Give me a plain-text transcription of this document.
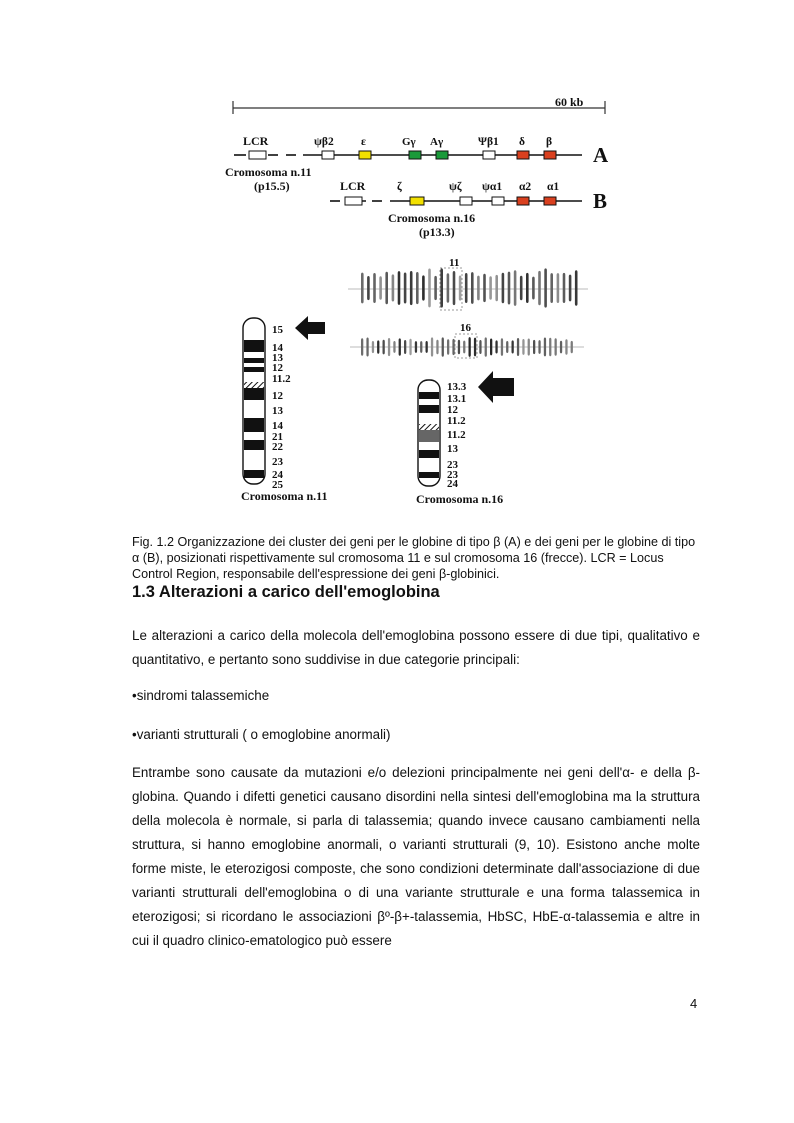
60 kb
LCR	ψβ2 ε	Gγ Aγ	Ψβ1 δ β
A
Cromosoma n.11
(p15.5)	LCR	ζ	ψζ ψα1 α2 α1
B
Cromosoma n.16
(p13.3)
11
16
15
14
13
12
11.2
12
13
14
21
22
23
24
25
Cromosoma n.11
13.3
13.1
12
11.2
11.2
13
23
23
24
Cromosoma n.16

Fig. 1.2 Organizzazione dei cluster dei geni per le globine di tipo β (A) e dei geni per le globine di tipo α (B), posizionati rispettivamente sul cromosoma 11 e sul cromosoma 16 (frecce). LCR = Locus Control Region, responsabile dell'espressione dei geni β-globinici.

1.3 Alterazioni a carico dell'emoglobina

Le alterazioni a carico della molecola dell'emoglobina possono essere di due tipi, qualitativo e quantitativo, e pertanto sono suddivise in due categorie principali:

•sindromi talassemiche

•varianti strutturali ( o emoglobine anormali)

Entrambe sono causate da mutazioni e/o delezioni principalmente nei geni dell'α- e della β-globina. Quando i difetti genetici causano disordini nella sintesi dell'emoglobina ma la struttura della molecola è normale, si parla di talassemia; quando invece causano cambiamenti nella struttura, si hanno emoglobine anormali, o varianti strutturali (9, 10). Esistono anche molte forme miste, le eterozigosi composte, che sono condizioni determinate dall'associazione di due varianti strutturali dell'emoglobina o di una variante strutturale e una forma talassemica in eterozigosi; si ricordano le associazioni βº-β+-talassemia, HbSC, HbE-α-talassemia e altre in cui il quadro clinico-ematologico può essere

4
